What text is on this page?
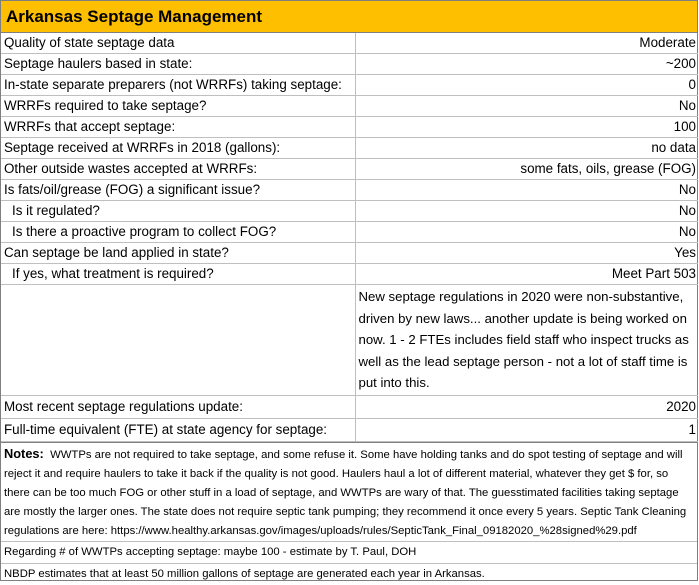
Arkansas Septage Management
Quality of state septage data	Moderate
Septage haulers based in state:	~200
In-state separate preparers (not WRRFs) taking septage:	0
WRRFs required to take septage?	No
WRRFs that accept septage:	100
Septage received at WRRFs in 2018 (gallons):	no data
Other outside wastes accepted at WRRFs:	some fats, oils, grease (FOG)
Is fats/oil/grease (FOG) a significant issue?	No
Is it regulated?	No
Is there a proactive program to collect FOG?	No
Can septage be land applied in state?	Yes
If yes, what treatment is required?	Meet Part 503
	New septage regulations in 2020 were non-substantive, driven by new laws... another update is being worked on now. 1 - 2 FTEs includes field staff who inspect trucks as well as the lead septage person - not a lot of staff time is put into this.
Most recent septage regulations update:	2020
Full-time equivalent (FTE) at state agency for septage:	1
Notes: WWTPs are not required to take septage, and some refuse it. Some have holding tanks and do spot testing of septage and will reject it and require haulers to take it back if the quality is not good. Haulers haul a lot of different material, whatever they get $ for, so there can be too much FOG or other stuff in a load of septage, and WWTPs are wary of that. The guesstimated facilities taking septage are mostly the larger ones. The state does not require septic tank pumping; they recommend it once every 5 years. Septic Tank Cleaning regulations are here: https://www.healthy.arkansas.gov/images/uploads/rules/SepticTank_Final_09182020_%28signed%29.pdf
Regarding # of WWTPs accepting septage: maybe 100 - estimate by T. Paul, DOH
NBDP estimates that at least 50 million gallons of septage are generated each year in Arkansas.
